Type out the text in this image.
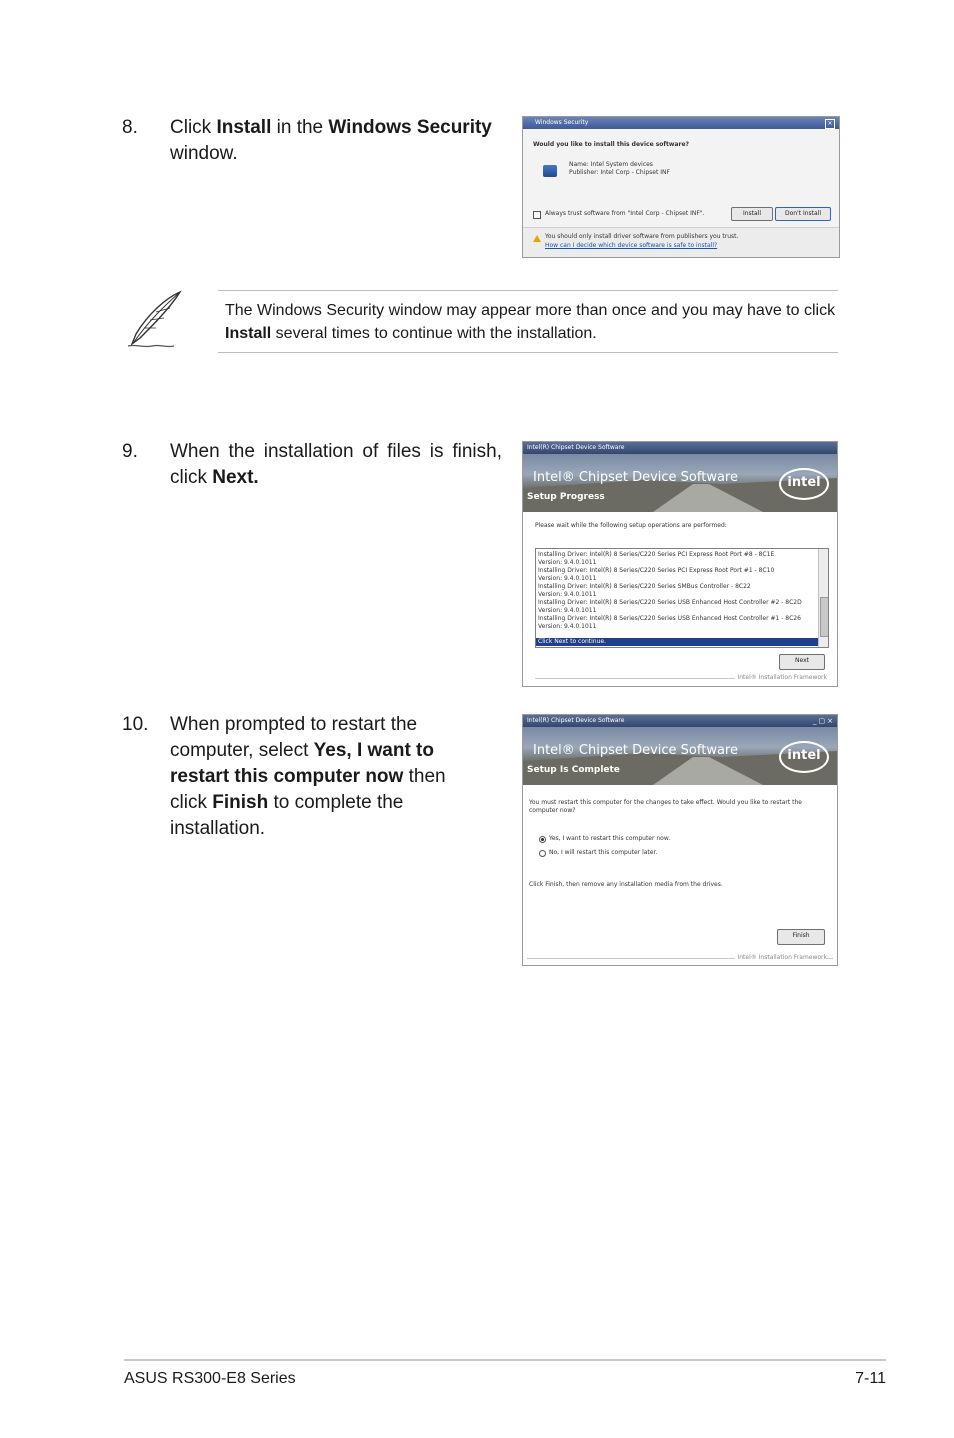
8. Click Install in the Windows Security window.
Windows Security	×
Would you like to install this device software?
Name: Intel System devices
Publisher: Intel Corp - Chipset INF
Always trust software from "Intel Corp - Chipset INF".	Install	Don't Install
You should only install driver software from publishers you trust.
How can I decide which device software is safe to install?
The Windows Security window may appear more than once and you may have to click Install several times to continue with the installation.
9. When the installation of files is finish, click Next.
Intel(R) Chipset Device Software
Intel® Chipset Device Software
Setup Progress
intel
Please wait while the following setup operations are performed:
Installing Driver: Intel(R) 8 Series/C220 Series PCI Express Root Port #8 - 8C1E
Version: 9.4.0.1011
Installing Driver: Intel(R) 8 Series/C220 Series PCI Express Root Port #1 - 8C10
Version: 9.4.0.1011
Installing Driver: Intel(R) 8 Series/C220 Series SMBus Controller - 8C22
Version: 9.4.0.1011
Installing Driver: Intel(R) 8 Series/C220 Series USB Enhanced Host Controller #2 - 8C2D
Version: 9.4.0.1011
Installing Driver: Intel(R) 8 Series/C220 Series USB Enhanced Host Controller #1 - 8C26
Version: 9.4.0.1011
Click Next to continue.
Next
Intel® Installation Framework
10. When prompted to restart the computer, select Yes, I want to restart this computer now then click Finish to complete the installation.
Intel(R) Chipset Device Software	_▢×
Intel® Chipset Device Software
Setup Is Complete
intel
You must restart this computer for the changes to take effect. Would you like to restart the computer now?
Yes, I want to restart this computer now.
No, I will restart this computer later.
Click Finish, then remove any installation media from the drives.
Finish
Intel® Installation Framework
ASUS RS300-E8 Series	7-11
